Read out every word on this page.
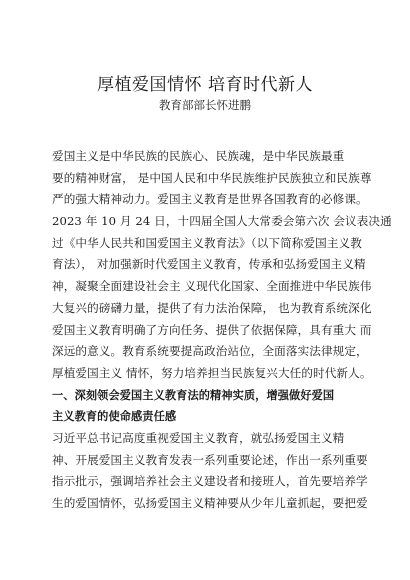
厚植爱国情怀 培育时代新人
教育部部长怀进鹏
爱国主义是中华民族的民族心、民族魂，是中华民族最重
要的精神财富， 是中国人民和中华民族维护民族独立和民族尊
严的强大精神动力。爱国主义教育是世界各国教育的必修课。
2023 年 10 月 24 日，十四届全国人大常委会第六次 会议表决通
过《中华人民共和国爱国主义教育法》（以下简称爱国主义教
育法）， 对加强新时代爱国主义教育，传承和弘扬爱国主义精
神，凝聚全面建设社会主 义现代化国家、全面推进中华民族伟
大复兴的磅礴力量，提供了有力法治保障， 也为教育系统深化
爱国主义教育明确了方向任务、提供了依据保障，具有重大 而
深远的意义。教育系统要提高政治站位，全面落实法律规定，
厚植爱国主义 情怀，努力培养担当民族复兴大任的时代新人。
一、深刻领会爱国主义教育法的精神实质，增强做好爱国
主义教育的使命感责任感
习近平总书记高度重视爱国主义教育，就弘扬爱国主义精
神、开展爱国主义教育发表一系列重要论述，作出一系列重要
指示批示，强调培养社会主义建设者和接班人，首先要培养学
生的爱国情怀，弘扬爱国主义精神要从少年儿童抓起，要把爱
